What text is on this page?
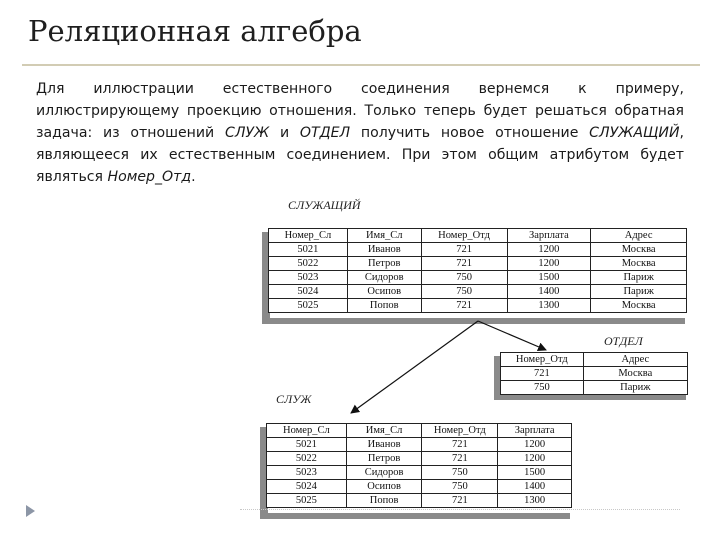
Реляционная алгебра
Для иллюстрации естественного соединения вернемся к примеру, иллюстрирующему проекцию отношения. Только теперь будет решаться обратная задача: из отношений СЛУЖ и ОТДЕЛ получить новое отношение СЛУЖАЩИЙ, являющееся их естественным соединением. При этом общим атрибутом будет являться Номер_Отд.
СЛУЖАЩИЙ
Номер_Сл	Имя_Сл	Номер_Отд	Зарплата	Адрес
5021	Иванов	721	1200	Москва
5022	Петров	721	1200	Москва
5023	Сидоров	750	1500	Париж
5024	Осипов	750	1400	Париж
5025	Попов	721	1300	Москва
ОТДЕЛ
Номер_Отд	Адрес
721	Москва
750	Париж
СЛУЖ
Номер_Сл	Имя_Сл	Номер_Отд	Зарплата
5021	Иванов	721	1200
5022	Петров	721	1200
5023	Сидоров	750	1500
5024	Осипов	750	1400
5025	Попов	721	1300
